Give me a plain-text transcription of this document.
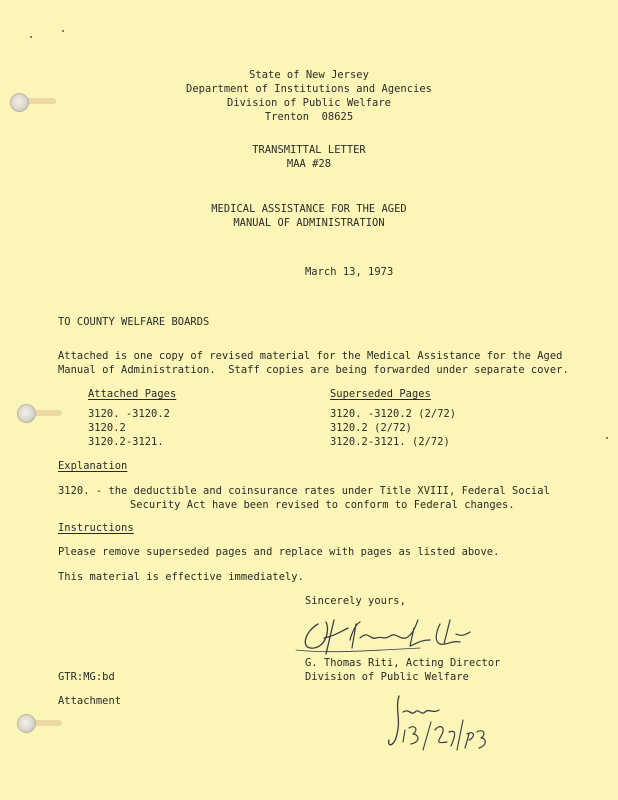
State of New Jersey
Department of Institutions and Agencies
Division of Public Welfare
Trenton  08625
TRANSMITTAL LETTER
MAA #28
MEDICAL ASSISTANCE FOR THE AGED
MANUAL OF ADMINISTRATION
March 13, 1973
TO COUNTY WELFARE BOARDS
Attached is one copy of revised material for the Medical Assistance for the Aged
Manual of Administration.  Staff copies are being forwarded under separate cover.
Attached Pages	Superseded Pages
3120. -3120.2
3120.2
3120.2-3121.
3120. -3120.2 (2/72)
3120.2 (2/72)
3120.2-3121. (2/72)
Explanation
3120. - the deductible and coinsurance rates under Title XVIII, Federal Social
Security Act have been revised to conform to Federal changes.
Instructions
Please remove superseded pages and replace with pages as listed above.
This material is effective immediately.
Sincerely yours,
G. Thomas Riti, Acting Director
Division of Public Welfare
GTR:MG:bd
Attachment
